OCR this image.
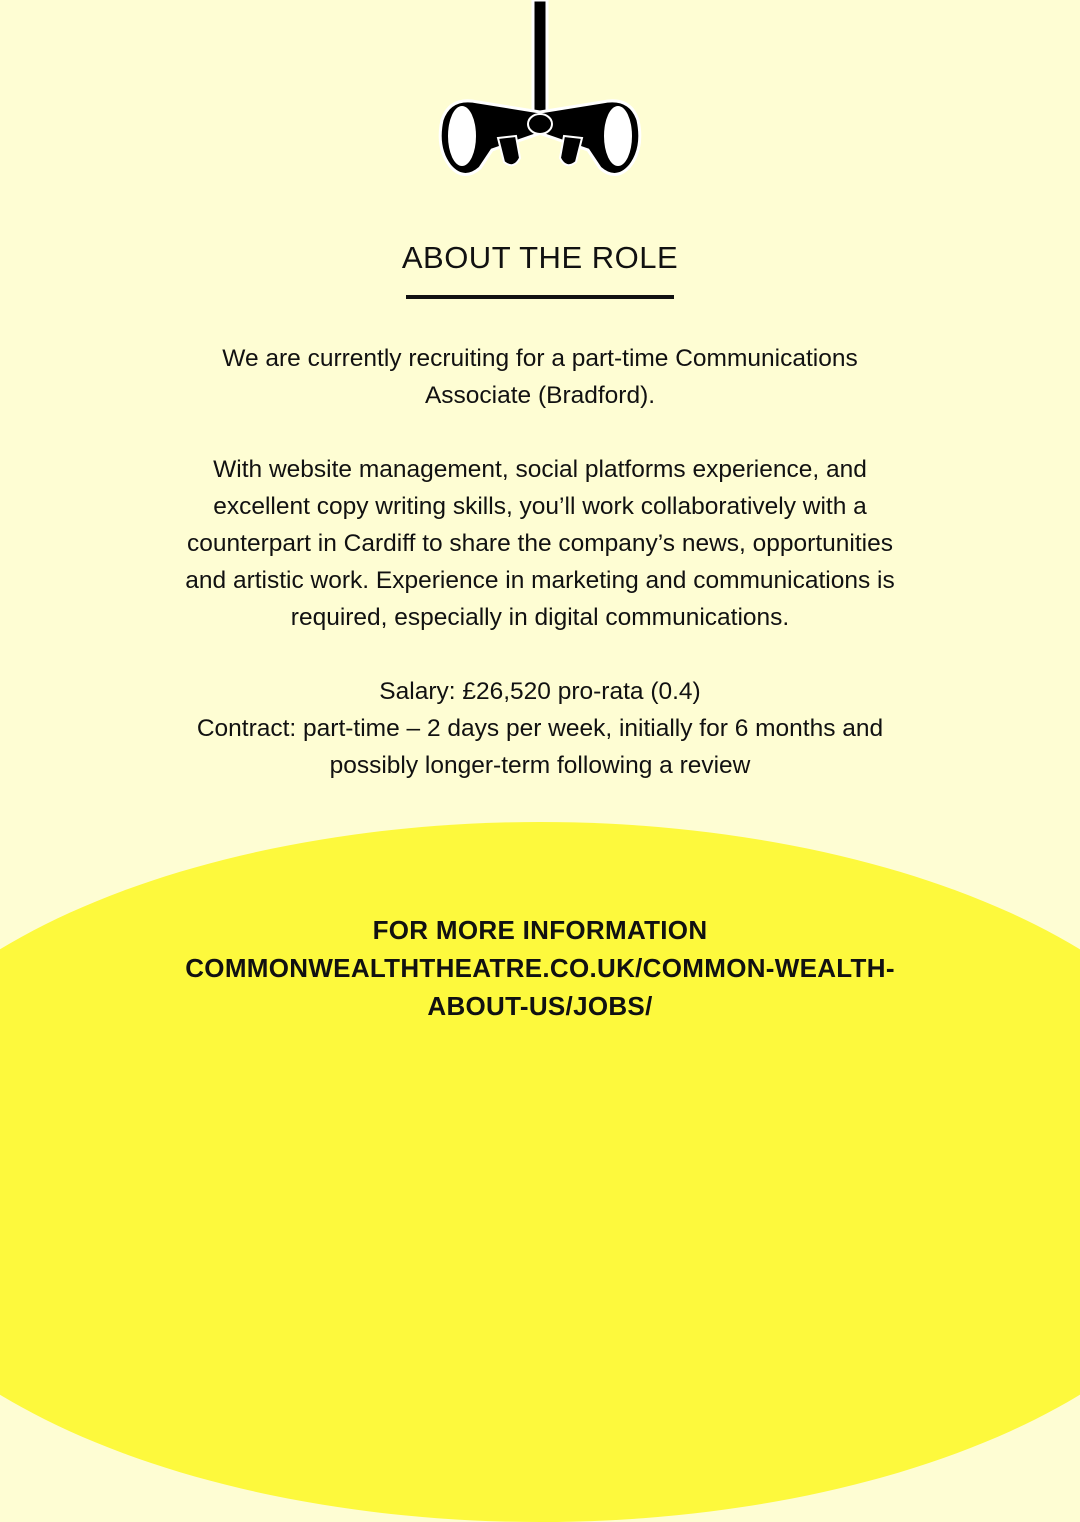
ABOUT THE ROLE

We are currently recruiting for a part-time Communications

Associate (Bradford).

With website management, social platforms experience, and

excellent copy writing skills, you’ll work collaboratively with a

counterpart in Cardiff to share the company’s news, opportunities

and artistic work. Experience in marketing and communications is

required, especially in digital communications.

Salary: £26,520 pro-rata (0.4)

Contract: part-time – 2 days per week, initially for 6 months and

possibly longer-term following a review

FOR MORE INFORMATION
COMMONWEALTHTHEATRE.CO.UK/COMMON-WEALTH-
ABOUT-US/JOBS/
